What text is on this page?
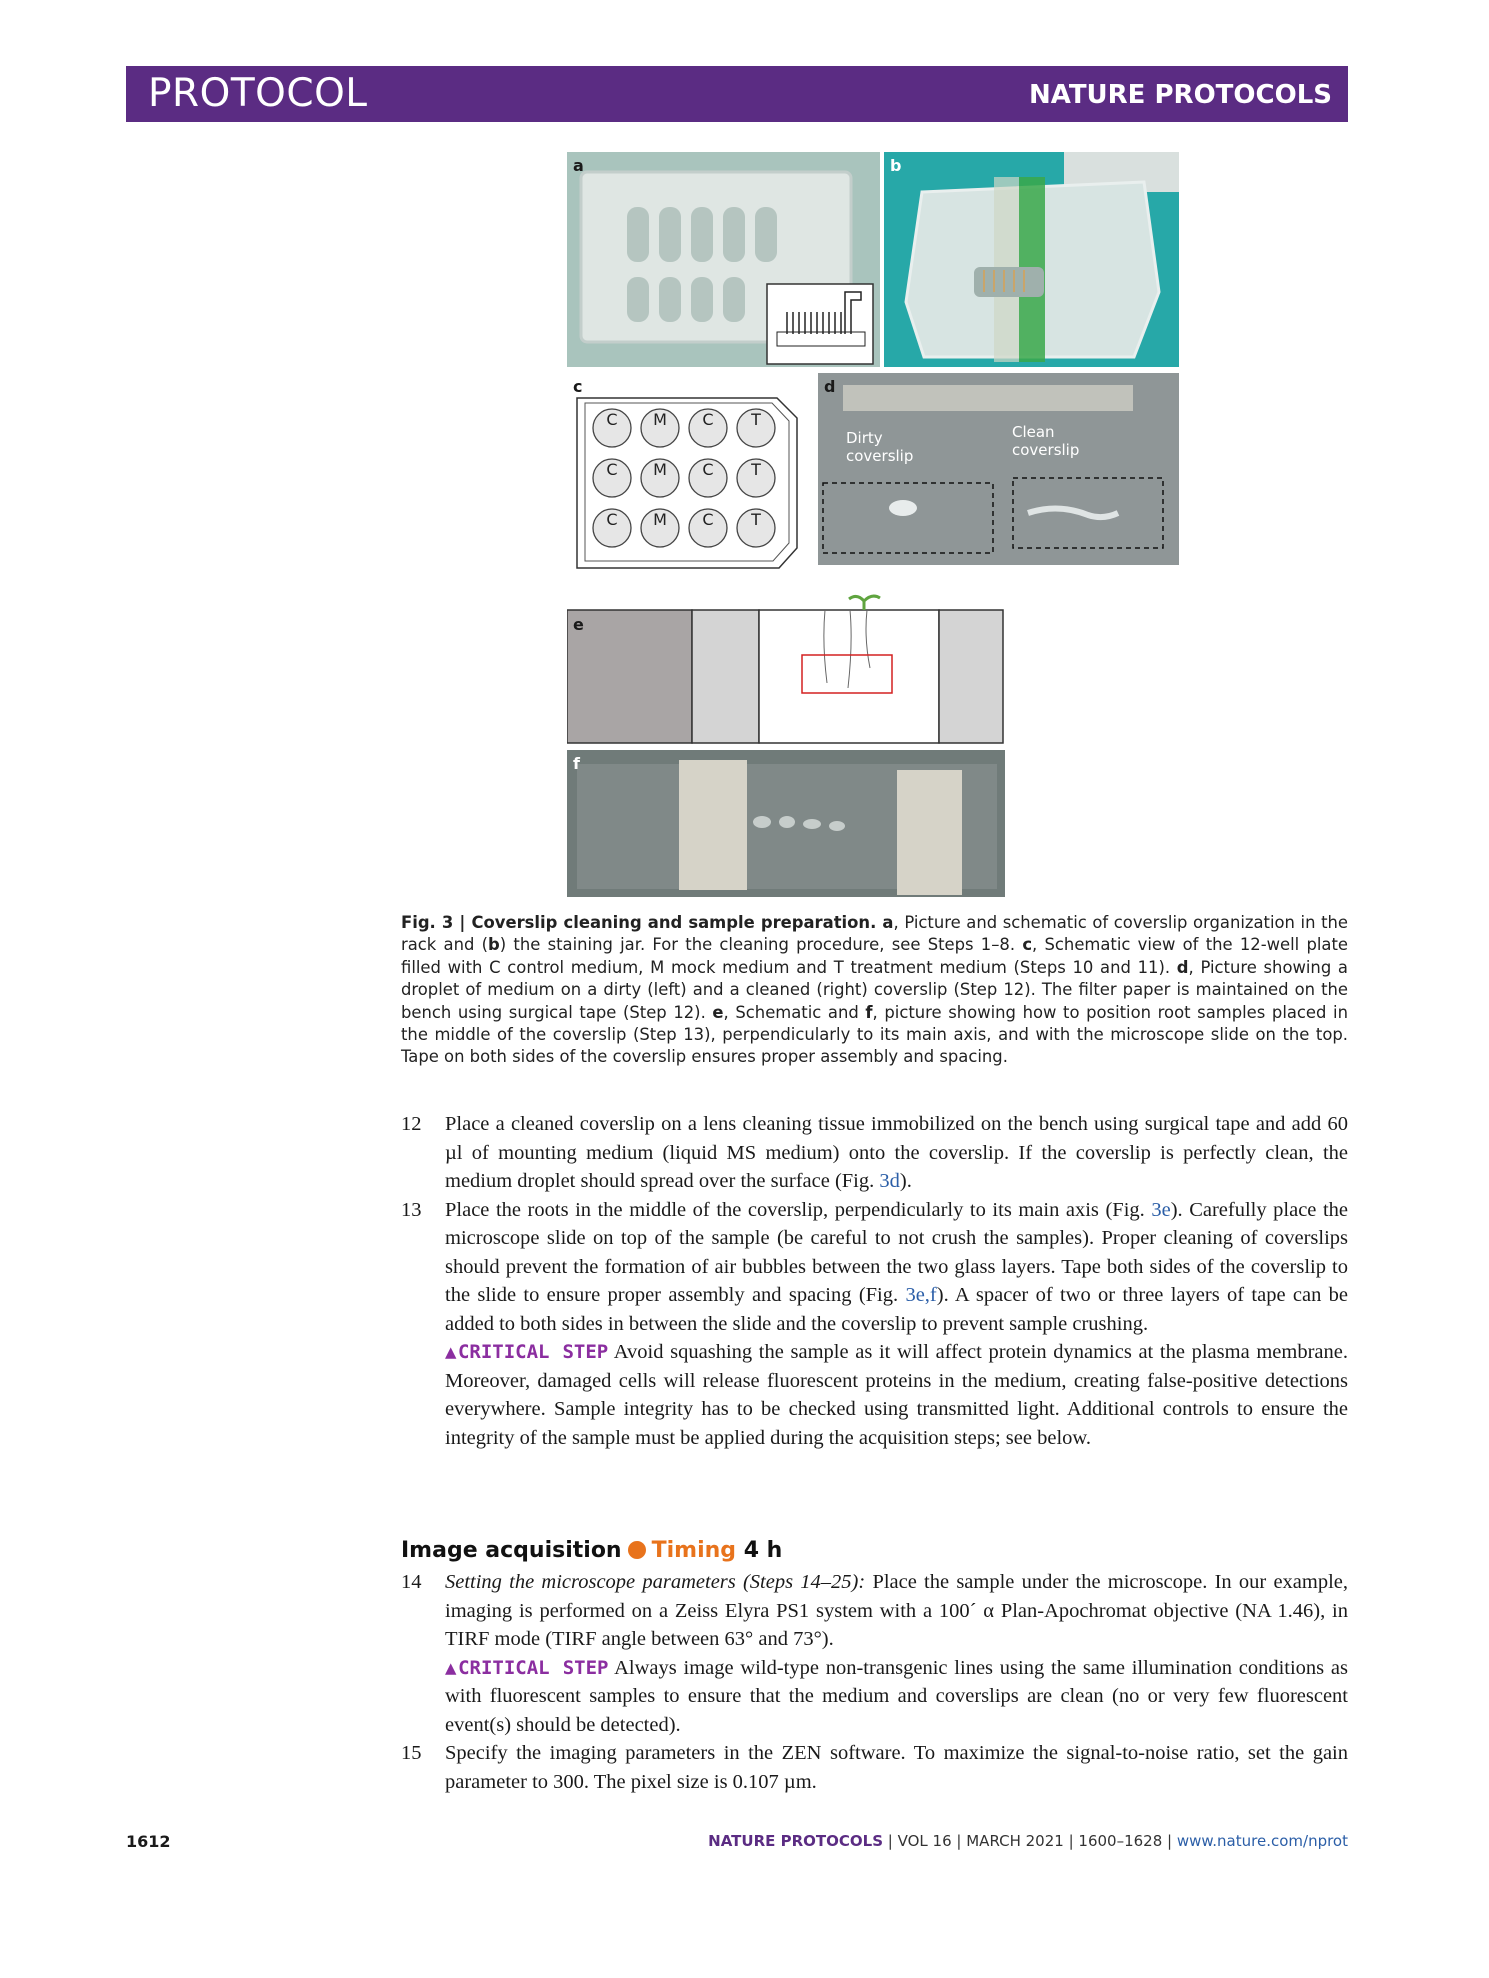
PROTOCOL	NATURE PROTOCOLS
a	b
C M C T
C M C T
C M C T
c	d
Dirty coverslip
Clean coverslip
e
f
Fig. 3 | Coverslip cleaning and sample preparation. a, Picture and schematic of coverslip organization in the rack and (b) the staining jar. For the cleaning procedure, see Steps 1–8. c, Schematic view of the 12-well plate filled with C control medium, M mock medium and T treatment medium (Steps 10 and 11). d, Picture showing a droplet of medium on a dirty (left) and a cleaned (right) coverslip (Step 12). The filter paper is maintained on the bench using surgical tape (Step 12). e, Schematic and f, picture showing how to position root samples placed in the middle of the coverslip (Step 13), perpendicularly to its main axis, and with the microscope slide on the top. Tape on both sides of the coverslip ensures proper assembly and spacing.
12 Place a cleaned coverslip on a lens cleaning tissue immobilized on the bench using surgical tape and add 60 µl of mounting medium (liquid MS medium) onto the coverslip. If the coverslip is perfectly clean, the medium droplet should spread over the surface (Fig. 3d).
13 Place the roots in the middle of the coverslip, perpendicularly to its main axis (Fig. 3e). Carefully place the microscope slide on top of the sample (be careful to not crush the samples). Proper cleaning of coverslips should prevent the formation of air bubbles between the two glass layers. Tape both sides of the coverslip to the slide to ensure proper assembly and spacing (Fig. 3e,f). A spacer of two or three layers of tape can be added to both sides in between the slide and the coverslip to prevent sample crushing.
▲CRITICAL STEP Avoid squashing the sample as it will affect protein dynamics at the plasma membrane. Moreover, damaged cells will release fluorescent proteins in the medium, creating false-positive detections everywhere. Sample integrity has to be checked using transmitted light. Additional controls to ensure the integrity of the sample must be applied during the acquisition steps; see below.
Image acquisition Timing 4 h
14 Setting the microscope parameters (Steps 14–25): Place the sample under the microscope. In our example, imaging is performed on a Zeiss Elyra PS1 system with a 100´ α Plan-Apochromat objective (NA 1.46), in TIRF mode (TIRF angle between 63° and 73°).
▲CRITICAL STEP Always image wild-type non-transgenic lines using the same illumination conditions as with fluorescent samples to ensure that the medium and coverslips are clean (no or very few fluorescent event(s) should be detected).
15 Specify the imaging parameters in the ZEN software. To maximize the signal-to-noise ratio, set the gain parameter to 300. The pixel size is 0.107 µm.
1612	NATURE PROTOCOLS | VOL 16 | MARCH 2021 | 1600–1628 | www.nature.com/nprot
